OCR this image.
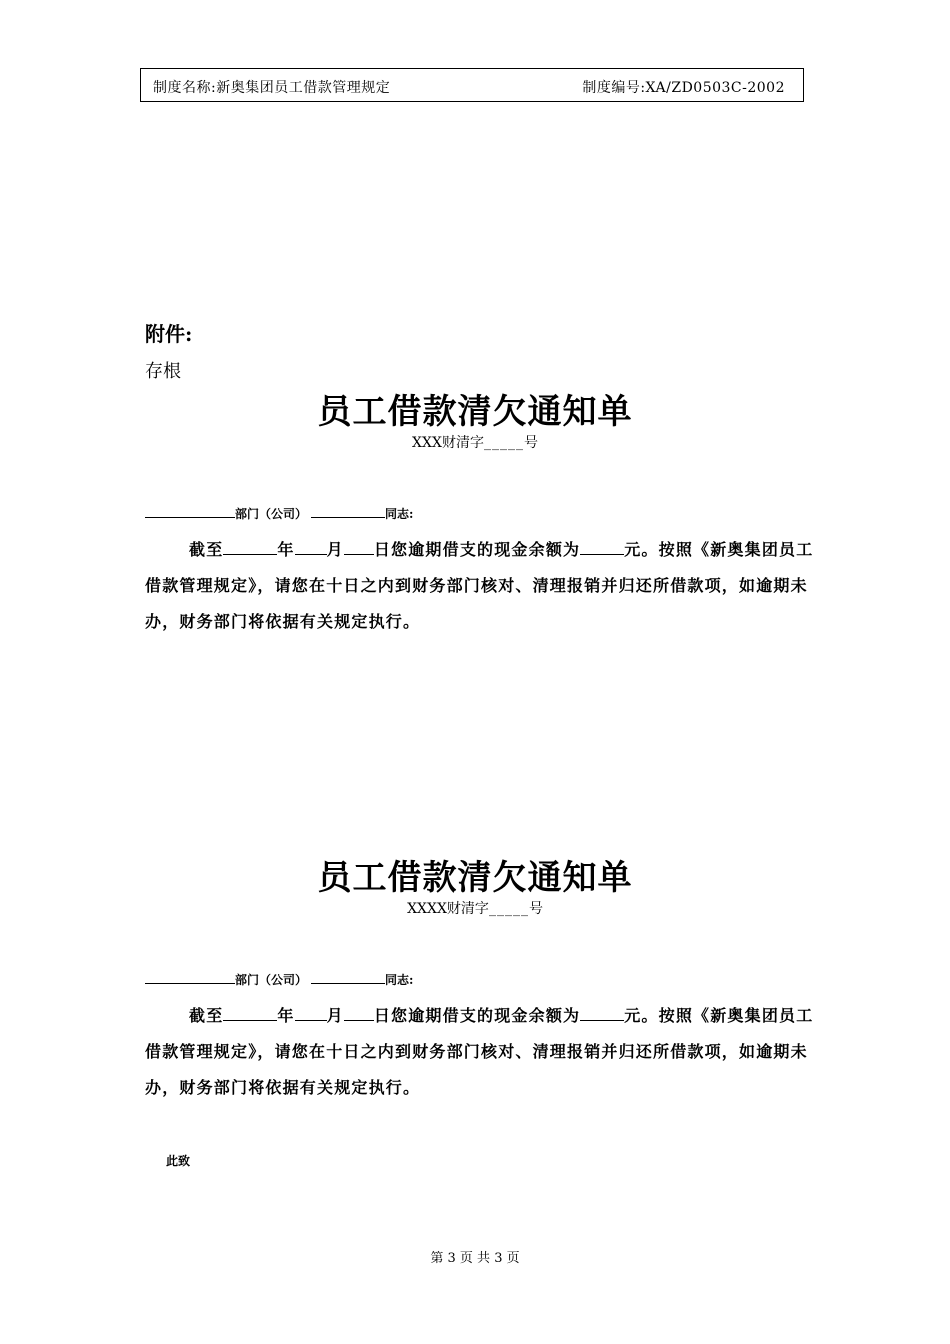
制度名称:新奥集团员工借款管理规定	制度编号:XA/ZD0503C-2002
附件:
存根
员工借款清欠通知单
XXX财清字_____号
部门（公司）	同志:
截至	年 月 日您逾期借支的现金余额为	元。按照《新奥集团员工借款管理规定》，请您在十日之内到财务部门核对、清理报销并归还所借款项，如逾期未办，财务部门将依据有关规定执行。
员工借款清欠通知单
XXXX财清字_____号
部门（公司）	同志:
截至	年 月 日您逾期借支的现金余额为	元。按照《新奥集团员工借款管理规定》，请您在十日之内到财务部门核对、清理报销并归还所借款项，如逾期未办，财务部门将依据有关规定执行。
此致
第 3 页 共 3 页
